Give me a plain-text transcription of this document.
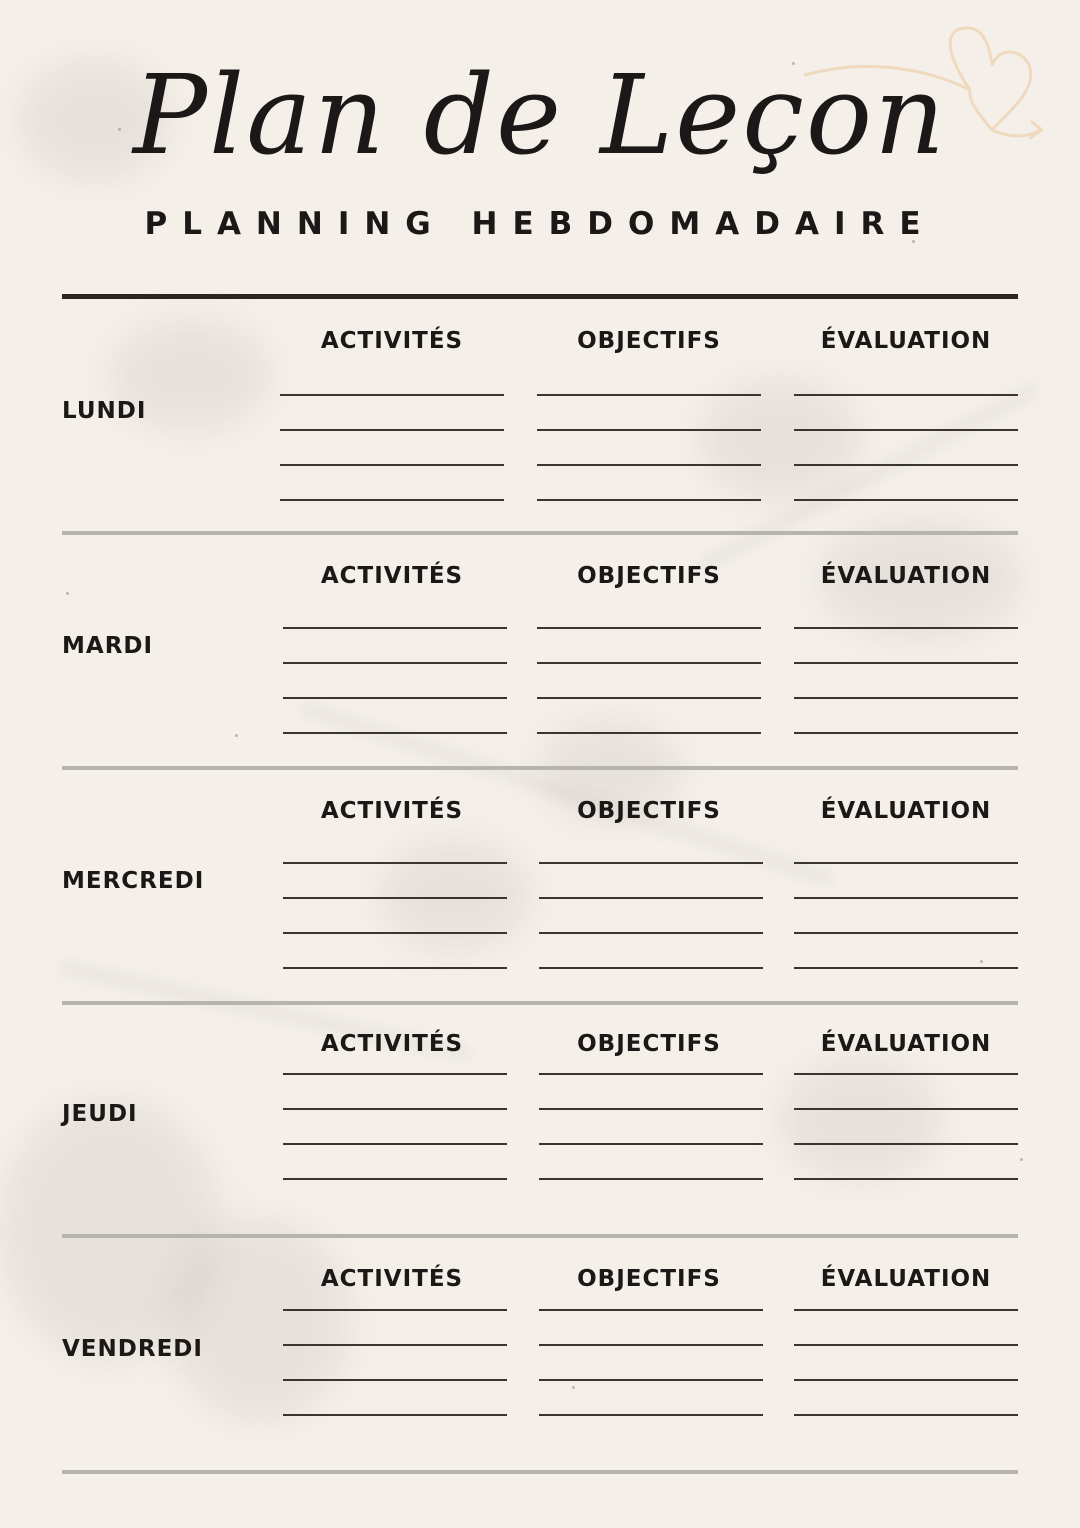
Plan de Leçon
PLANNING HEBDOMADAIRE
ACTIVITÉS	OBJECTIFS	ÉVALUATION
LUNDI
ACTIVITÉS	OBJECTIFS	ÉVALUATION
MARDI
ACTIVITÉS	OBJECTIFS	ÉVALUATION
MERCREDI
ACTIVITÉS	OBJECTIFS	ÉVALUATION
JEUDI
ACTIVITÉS	OBJECTIFS	ÉVALUATION
VENDREDI
